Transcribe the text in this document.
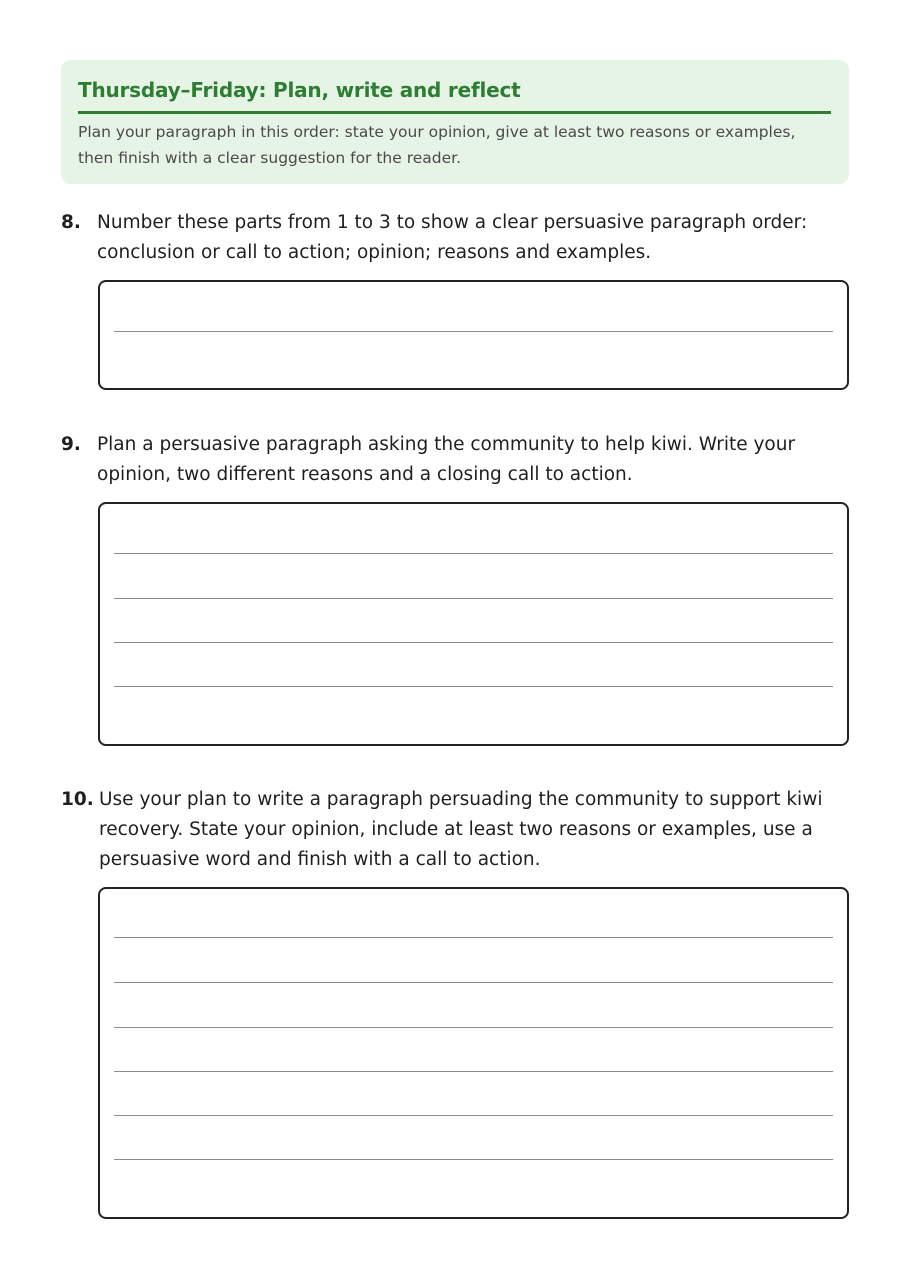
Thursday–Friday: Plan, write and reflect
Plan your paragraph in this order: state your opinion, give at least two reasons or examples, then finish with a clear suggestion for the reader.
8. Number these parts from 1 to 3 to show a clear persuasive paragraph order: conclusion or call to action; opinion; reasons and examples.
9. Plan a persuasive paragraph asking the community to help kiwi. Write your opinion, two different reasons and a closing call to action.
10. Use your plan to write a paragraph persuading the community to support kiwi recovery. State your opinion, include at least two reasons or examples, use a persuasive word and finish with a call to action.
